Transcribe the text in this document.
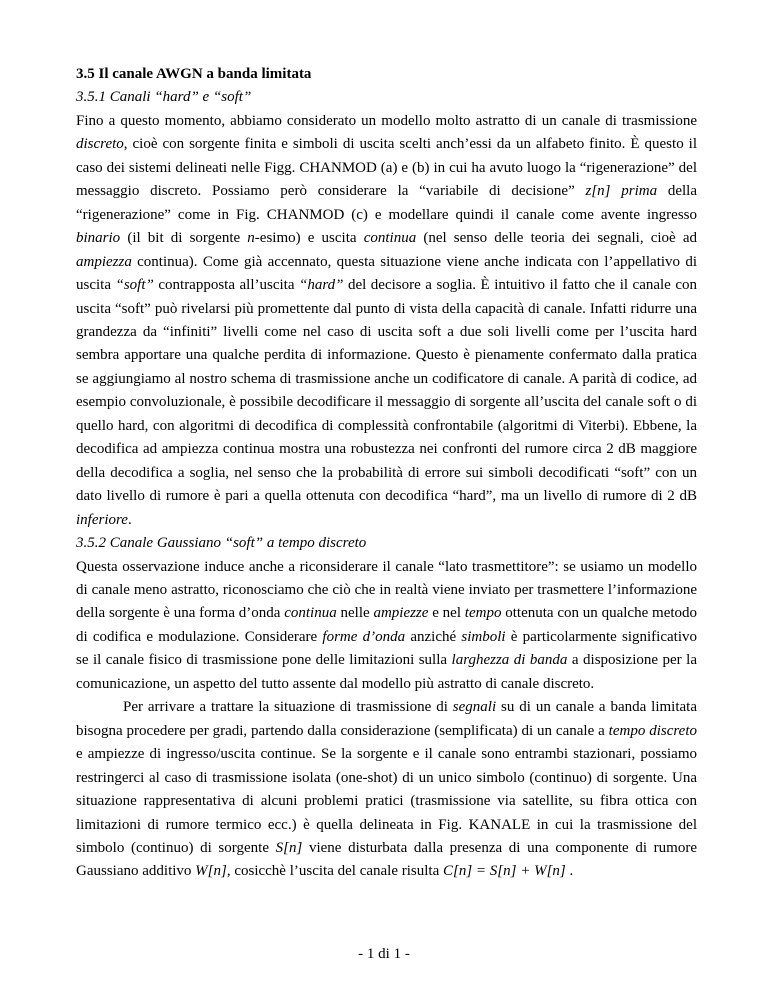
3.5 Il canale AWGN a banda limitata

3.5.1 Canali “hard” e “soft”

Fino a questo momento, abbiamo considerato un modello molto astratto di un canale di trasmissione discreto, cioè con sorgente finita e simboli di uscita scelti anch’essi da un alfabeto finito. È questo il caso dei sistemi delineati nelle Figg. CHANMOD (a) e (b) in cui ha avuto luogo la “rigenerazione” del messaggio discreto. Possiamo però considerare la “variabile di decisione” z[n] prima della “rigenerazione” come in Fig. CHANMOD (c) e modellare quindi il canale come avente ingresso binario (il bit di sorgente n-esimo) e uscita continua (nel senso delle teoria dei segnali, cioè ad ampiezza continua). Come già accennato, questa situazione viene anche indicata con l’appellativo di uscita “soft” contrapposta all’uscita “hard” del decisore a soglia. È intuitivo il fatto che il canale con uscita “soft” può rivelarsi più promettente dal punto di vista della capacità di canale. Infatti ridurre una grandezza da “infiniti” livelli come nel caso di uscita soft a due soli livelli come per l’uscita hard sembra apportare una qualche perdita di informazione. Questo è pienamente confermato dalla pratica se aggiungiamo al nostro schema di trasmissione anche un codificatore di canale. A parità di codice, ad esempio convoluzionale, è possibile decodificare il messaggio di sorgente all’uscita del canale soft o di quello hard, con algoritmi di decodifica di complessità confrontabile (algoritmi di Viterbi). Ebbene, la decodifica ad ampiezza continua mostra una robustezza nei confronti del rumore circa 2 dB maggiore della decodifica a soglia, nel senso che la probabilità di errore sui simboli decodificati “soft” con un dato livello di rumore è pari a quella ottenuta con decodifica “hard”, ma un livello di rumore di 2 dB inferiore.

3.5.2 Canale Gaussiano “soft” a tempo discreto

Questa osservazione induce anche a riconsiderare il canale “lato trasmettitore”: se usiamo un modello di canale meno astratto, riconosciamo che ciò che in realtà viene inviato per trasmettere l’informazione della sorgente è una forma d’onda continua nelle ampiezze e nel tempo ottenuta con un qualche metodo di codifica e modulazione. Considerare forme d’onda anziché simboli è particolarmente significativo se il canale fisico di trasmissione pone delle limitazioni sulla larghezza di banda a disposizione per la comunicazione, un aspetto del tutto assente dal modello più astratto di canale discreto.

Per arrivare a trattare la situazione di trasmissione di segnali su di un canale a banda limitata bisogna procedere per gradi, partendo dalla considerazione (semplificata) di un canale a tempo discreto e ampiezze di ingresso/uscita continue. Se la sorgente e il canale sono entrambi stazionari, possiamo restringerci al caso di trasmissione isolata (one-shot) di un unico simbolo (continuo) di sorgente. Una situazione rappresentativa di alcuni problemi pratici (trasmissione via satellite, su fibra ottica con limitazioni di rumore termico ecc.) è quella delineata in Fig. KANALE in cui la trasmissione del simbolo (continuo) di sorgente S[n] viene disturbata dalla presenza di una componente di rumore Gaussiano additivo W[n], cosicchè l’uscita del canale risulta C[n] = S[n] + W[n] .

- 1 di 1 -
